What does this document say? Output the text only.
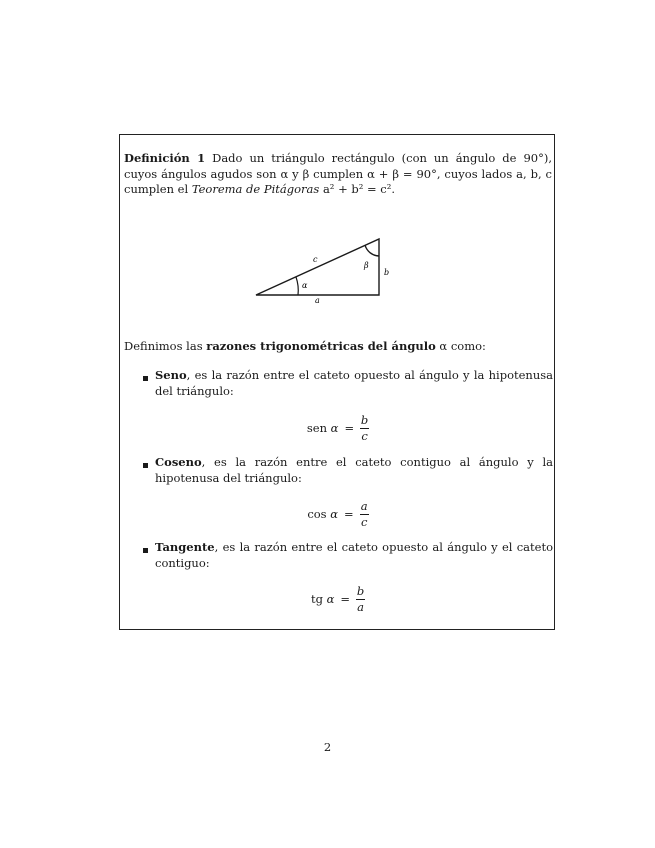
Definición 1 Dado un triángulo rectángulo (con un ángulo de 90°), cuyos ángulos agudos son α y β cumplen α + β = 90°, cuyos lados a, b, c cumplen el Teorema de Pitágoras a² + b² = c².
c
b
a
α
β
Definimos las razones trigonométricas del ángulo α como:
Seno, es la razón entre el cateto opuesto al ángulo y la hipotenusa del triángulo:
sen $\alpha = \frac{b}{c}$
Coseno, es la razón entre el cateto contiguo al ángulo y la hipotenusa del triángulo:
$\cos \alpha = \frac{a}{c}$
Tangente, es la razón entre el cateto opuesto al ángulo y el cateto contiguo:
tg $\alpha = \frac{b}{a}$
2
